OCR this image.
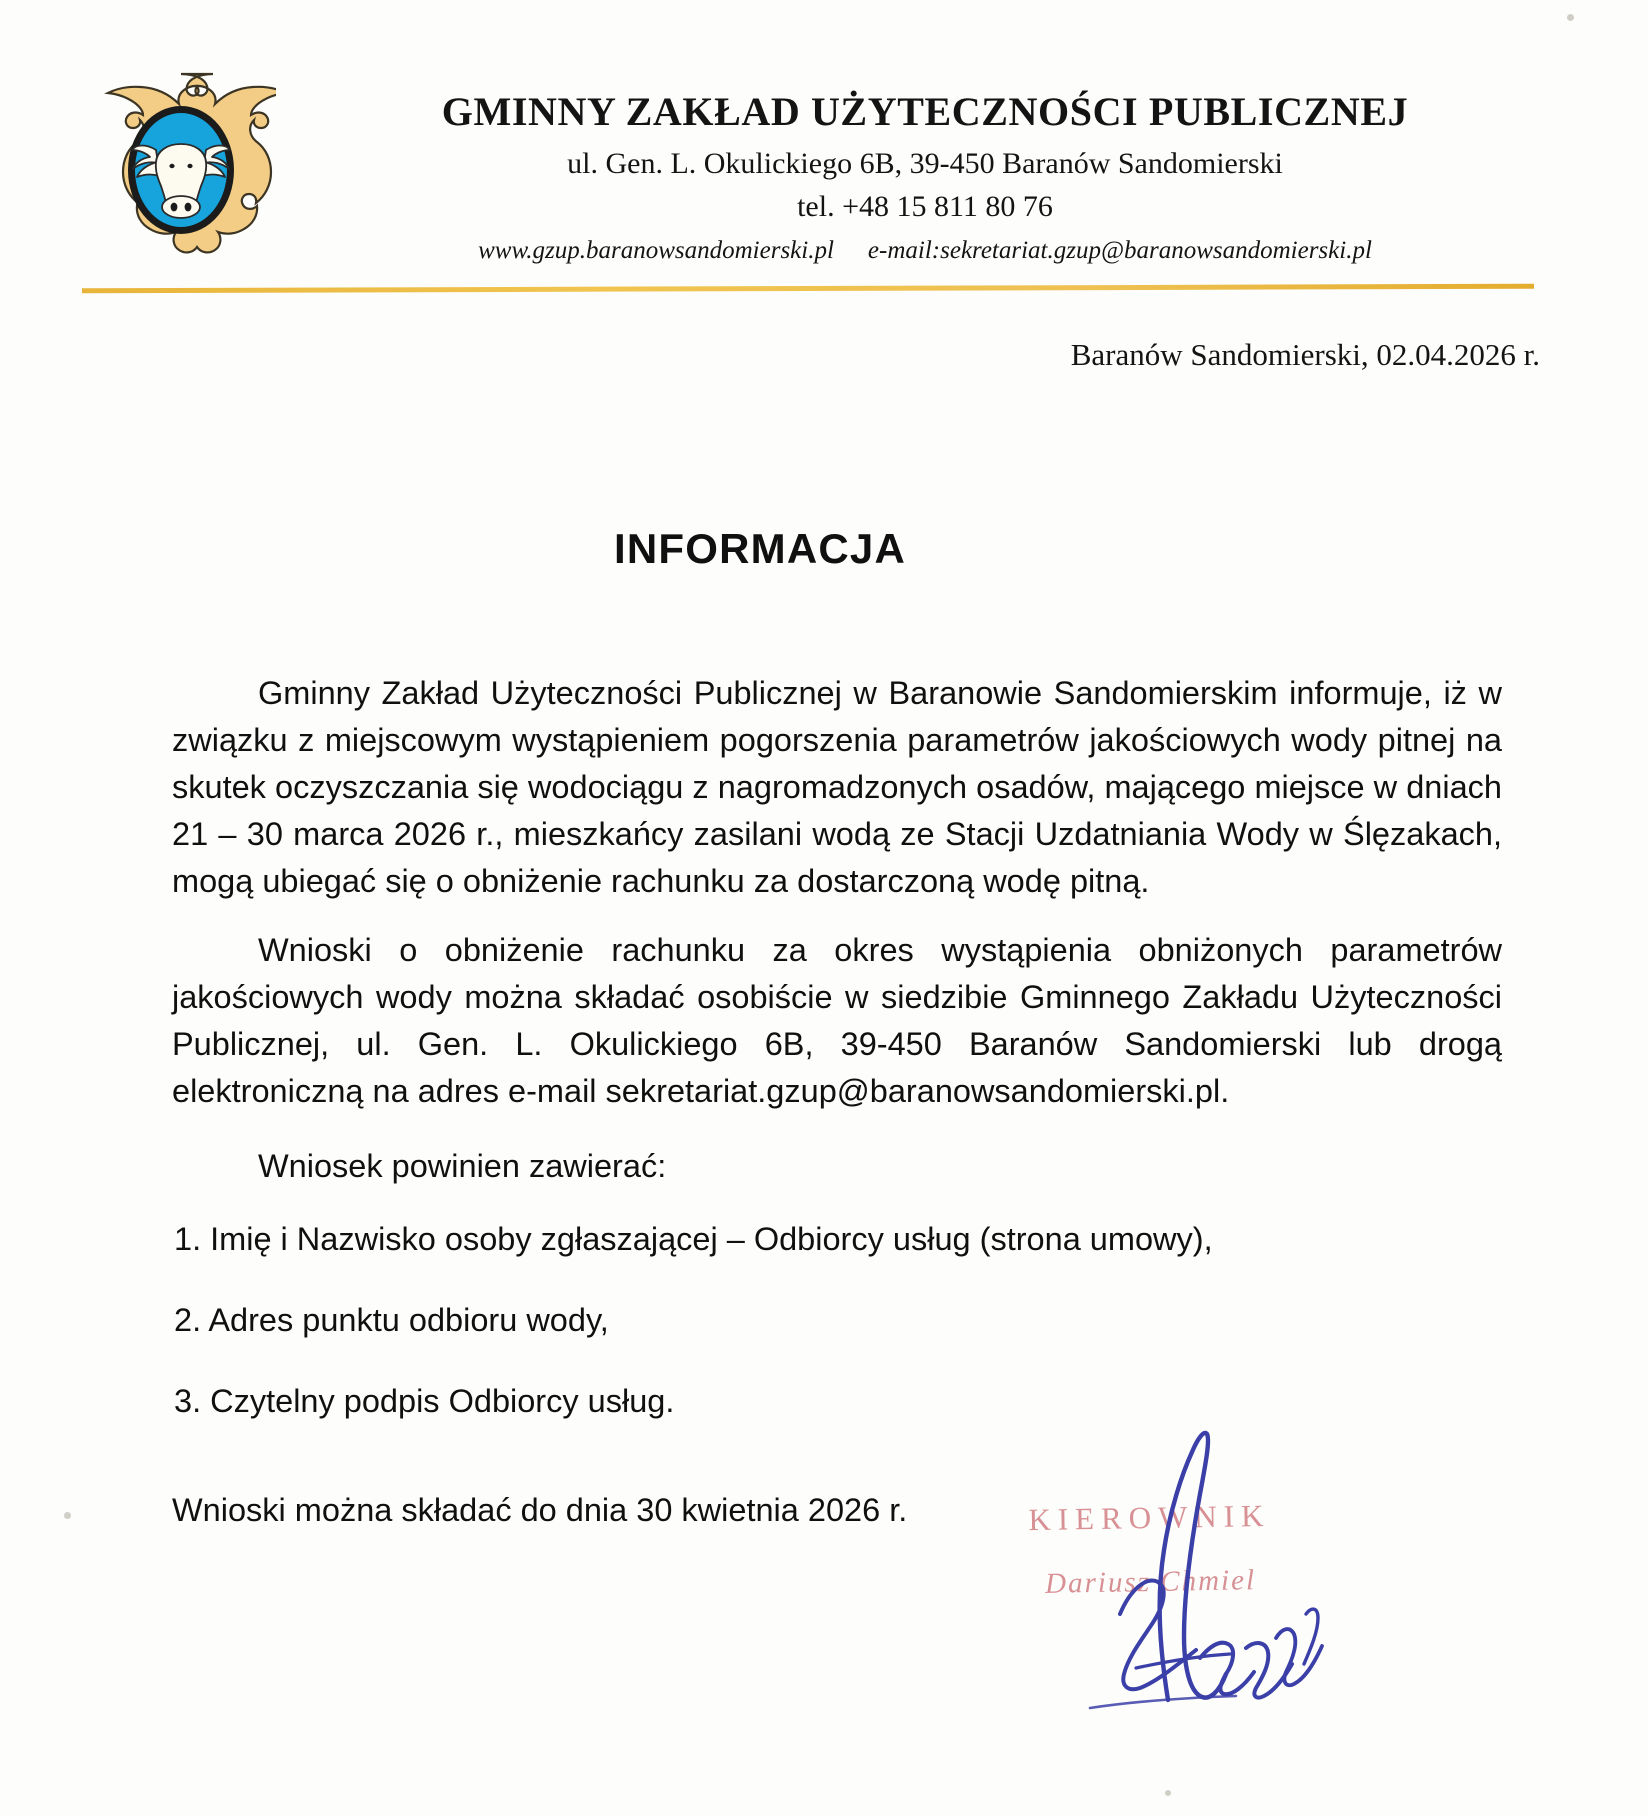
GMINNY ZAKŁAD UŻYTECZNOŚCI PUBLICZNEJ
ul. Gen. L. Okulickiego 6B, 39-450 Baranów Sandomierski
tel. +48 15 811 80 76
www.gzup.baranowsandomierski.pl e-mail:sekretariat.gzup@baranowsandomierski.pl
Baranów Sandomierski, 02.04.2026 r.
INFORMACJA

Gminny Zakład Użyteczności Publicznej w Baranowie Sandomierskim informuje, iż w związku z miejscowym wystąpieniem pogorszenia parametrów jakościowych wody pitnej na skutek oczyszczania się wodociągu z nagromadzonych osadów, mającego miejsce w dniach 21 – 30 marca 2026 r., mieszkańcy zasilani wodą ze Stacji Uzdatniania Wody w Ślęzakach, mogą ubiegać się o obniżenie rachunku za dostarczoną wodę pitną.

Wnioski o obniżenie rachunku za okres wystąpienia obniżonych parametrów jakościowych wody można składać osobiście w siedzibie Gminnego Zakładu Użyteczności Publicznej, ul. Gen. L. Okulickiego 6B, 39-450 Baranów Sandomierski lub drogą elektroniczną na adres e-mail sekretariat.gzup@baranowsandomierski.pl.

Wniosek powinien zawierać:
1. Imię i Nazwisko osoby zgłaszającej – Odbiorcy usług (strona umowy),
2. Adres punktu odbioru wody,
3. Czytelny podpis Odbiorcy usług.
Wnioski można składać do dnia 30 kwietnia 2026 r.	KIEROWNIK
Dariusz Chmiel
